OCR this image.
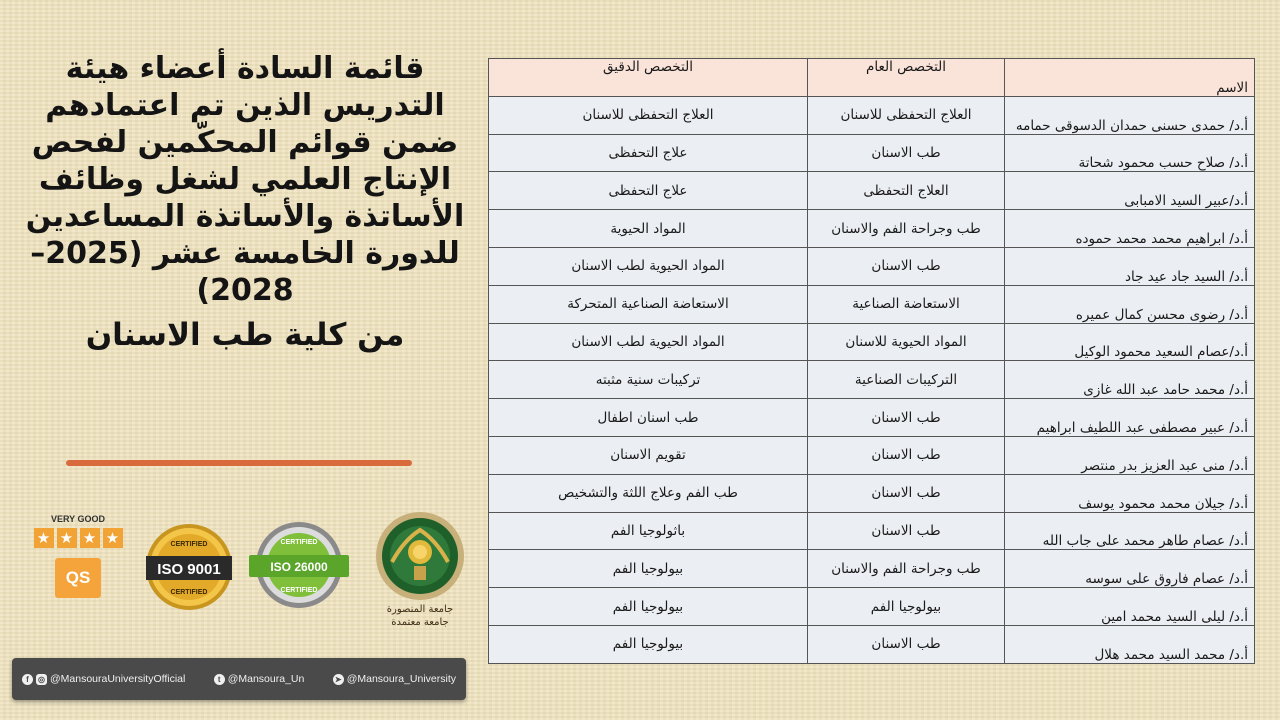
قائمة السادة أعضاء هيئة التدريس الذين تم اعتمادهم ضمن قوائم المحكّمين لفحص الإنتاج العلمي لشغل وظائف الأساتذة والأساتذة المساعدين للدورة الخامسة عشر (2025–2028)
من كلية طب الاسنان
VERY GOOD
★ ★ ★ ★
QS	ISO 9001
CERTIFIED
CERTIFIED
ISO 26000
CERTIFIED
CERTIFIED
جامعة المنصورة
جامعة معتمدة
f	◎ @MansouraUniversityOfficial	t @Mansoura_Un	➤ @Mansoura_University
الاسم	التخصص العام	التخصص الدقيق
أ.د/ حمدى حسنى حمدان الدسوقى حمامه	العلاج التحفظى للاسنان	العلاج التحفظى للاسنان
أ.د/ صلاح حسب محمود شحاتة	طب الاسنان	علاج التحفظى
أ.د/عبير السيد الامبابى	العلاج التحفظى	علاج التحفظى
أ.د/ ابراهيم محمد محمد حموده	طب وجراحة الفم والاسنان	المواد الحيوية
أ.د/ السيد جاد عيد جاد	طب الاسنان	المواد الحيوية لطب الاسنان
أ.د/ رضوى محسن كمال عميره	الاستعاضة الصناعية	الاستعاضة الصناعية المتحركة
أ.د/عصام السعيد محمود الوكيل	المواد الحيوية للاسنان	المواد الحيوية لطب الاسنان
أ.د/ محمد حامد عبد الله غازى	التركيبات الصناعية	تركيبات سنية مثبته
أ.د/ عبير مصطفى عبد اللطيف ابراهيم	طب الاسنان	طب اسنان اطفال
أ.د/ منى عبد العزيز بدر منتصر	طب الاسنان	تقويم الاسنان
أ.د/ جيلان محمد محمود يوسف	طب الاسنان	طب الفم وعلاج اللثة والتشخيص
أ.د/ عصام طاهر محمد على جاب الله	طب الاسنان	باثولوجيا الفم
أ.د/ عصام فاروق على سوسه	طب وجراحة الفم والاسنان	بيولوجيا الفم
أ.د/ ليلى السيد محمد امين	بيولوجيا الفم	بيولوجيا الفم
أ.د/ محمد السيد محمد هلال	طب الاسنان	بيولوجيا الفم
